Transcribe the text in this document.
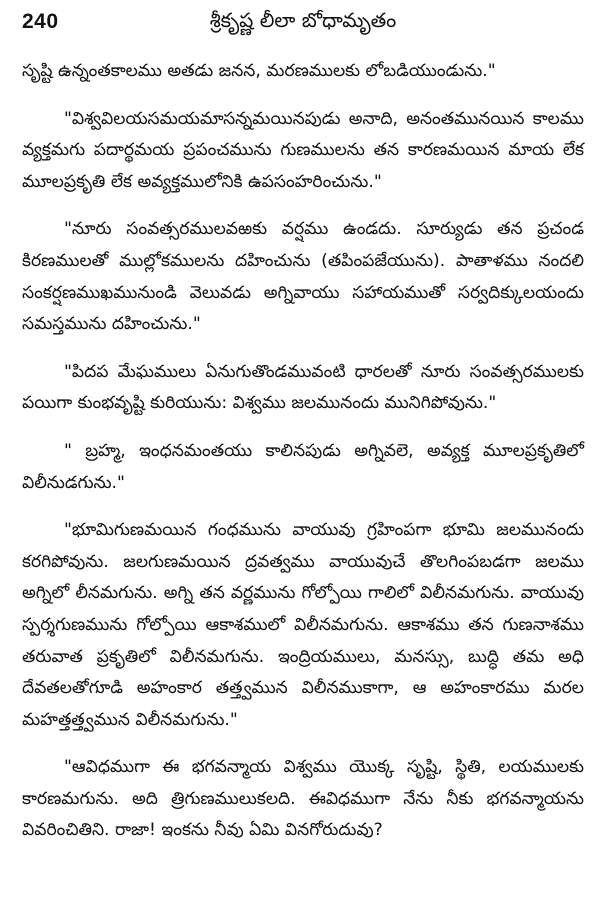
240	శ్రీకృష్ణ లీలా బోధామృతం

సృష్టి ఉన్నంతకాలము అతడు జనన, మరణములకు లోబడియుండును."

"విశ్వవిలయసమయమాసన్నమయినపుడు అనాది, అనంతమునయిన కాలము వ్యక్తమగు పదార్థమయ ప్రపంచమును గుణములను తన కారణమయిన మాయ లేక మూలప్రకృతి లేక అవ్యక్తములోనికి ఉపసంహరించును."

"నూరు సంవత్సరములవఱకు వర్షము ఉండదు. సూర్యుడు తన ప్రచండ కిరణములతో ముల్లోకములను దహించును (తపింపజేయును). పాతాళము నందలి సంకర్షణముఖమునుండి వెలువడు అగ్నివాయు సహాయముతో సర్వదిక్కులయందు సమస్తమును దహించును."

"పిదప మేఘములు ఏనుగుతొండమువంటి ధారలతో నూరు సంవత్సరములకు పయిగా కుంభవృష్టి కురియును: విశ్వము జలమునందు మునిగిపోవును."

" బ్రహ్మ, ఇంధనమంతయు కాలినపుడు అగ్నివలె, అవ్యక్త మూలప్రకృతిలో విలీనుడగును."

"భూమిగుణమయిన గంధమును వాయువు గ్రహింపగా భూమి జలమునందు కరగిపోవును. జలగుణమయిన ద్రవత్వము వాయువుచే తొలగింపబడగా జలము అగ్నిలో లీనమగును. అగ్ని తన వర్ణమును గోల్పోయి గాలిలో విలీనమగును. వాయువు స్పర్శగుణమును గోల్పోయి ఆకాశములో విలీనమగును. ఆకాశము తన గుణనాశము తరువాత ప్రకృతిలో విలీనమగును. ఇంద్రియములు, మనస్సు, బుద్ధి తమ అధి దేవతలతోగూడి అహంకార తత్త్వమున విలీనముకాగా, ఆ అహంకారము మరల మహత్తత్త్వమున విలీనమగును."

"ఆవిధముగా ఈ భగవన్మాయ విశ్వము యొక్క సృష్టి, స్థితి, లయములకు కారణమగును. అది త్రిగుణములుకలది. ఈవిధముగా నేను నీకు భగవన్మాయను వివరించితిని. రాజా! ఇంకను నీవు ఏమి వినగోరుదువు?
